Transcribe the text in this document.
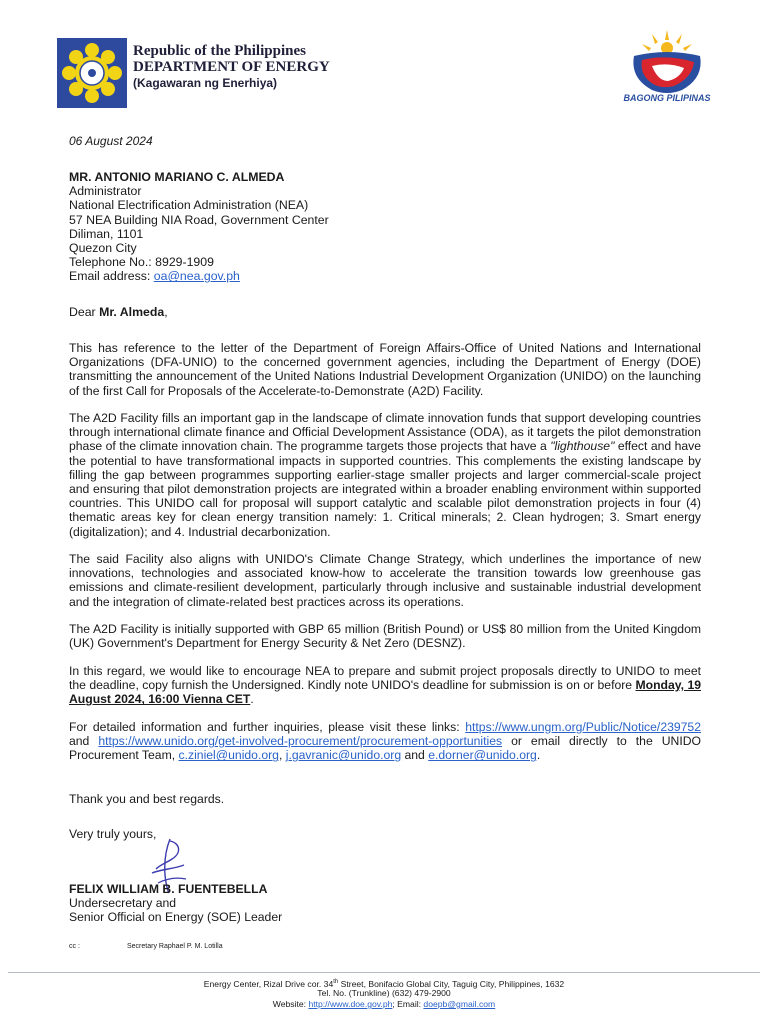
Republic of the Philippines
DEPARTMENT OF ENERGY
(Kagawaran ng Enerhiya)
BAGONG PILIPINAS
06 August 2024
MR. ANTONIO MARIANO C. ALMEDA
Administrator
National Electrification Administration (NEA)
57 NEA Building NIA Road, Government Center
Diliman, 1101
Quezon City
Telephone No.: 8929-1909
Email address: oa@nea.gov.ph
Dear Mr. Almeda,
This has reference to the letter of the Department of Foreign Affairs-Office of United Nations and International Organizations (DFA-UNIO) to the concerned government agencies, including the Department of Energy (DOE) transmitting the announcement of the United Nations Industrial Development Organization (UNIDO) on the launching of the first Call for Proposals of the Accelerate-to-Demonstrate (A2D) Facility.
The A2D Facility fills an important gap in the landscape of climate innovation funds that support developing countries through international climate finance and Official Development Assistance (ODA), as it targets the pilot demonstration phase of the climate innovation chain. The programme targets those projects that have a "lighthouse" effect and have the potential to have transformational impacts in supported countries. This complements the existing landscape by filling the gap between programmes supporting earlier-stage smaller projects and larger commercial-scale project and ensuring that pilot demonstration projects are integrated within a broader enabling environment within supported countries. This UNIDO call for proposal will support catalytic and scalable pilot demonstration projects in four (4) thematic areas key for clean energy transition namely: 1. Critical minerals; 2. Clean hydrogen; 3. Smart energy (digitalization); and 4. Industrial decarbonization.
The said Facility also aligns with UNIDO's Climate Change Strategy, which underlines the importance of new innovations, technologies and associated know-how to accelerate the transition towards low greenhouse gas emissions and climate-resilient development, particularly through inclusive and sustainable industrial development and the integration of climate-related best practices across its operations.
The A2D Facility is initially supported with GBP 65 million (British Pound) or US$ 80 million from the United Kingdom (UK) Government's Department for Energy Security & Net Zero (DESNZ).
In this regard, we would like to encourage NEA to prepare and submit project proposals directly to UNIDO to meet the deadline, copy furnish the Undersigned. Kindly note UNIDO's deadline for submission is on or before Monday, 19 August 2024, 16:00 Vienna CET.
For detailed information and further inquiries, please visit these links: https://www.ungm.org/Public/Notice/239752 and https://www.unido.org/get-involved-procurement/procurement-opportunities or email directly to the UNIDO Procurement Team, c.ziniel@unido.org, j.gavranic@unido.org and e.dorner@unido.org.
Thank you and best regards.
Very truly yours,
FELIX WILLIAM B. FUENTEBELLA
Undersecretary and
Senior Official on Energy (SOE) Leader
cc :	Secretary Raphael P. M. Lotilla
Energy Center, Rizal Drive cor. 34th Street, Bonifacio Global City, Taguig City, Philippines, 1632
Tel. No. (Trunkline) (632) 479-2900
Website: http://www.doe.gov.ph; Email: doepb@gmail.com
